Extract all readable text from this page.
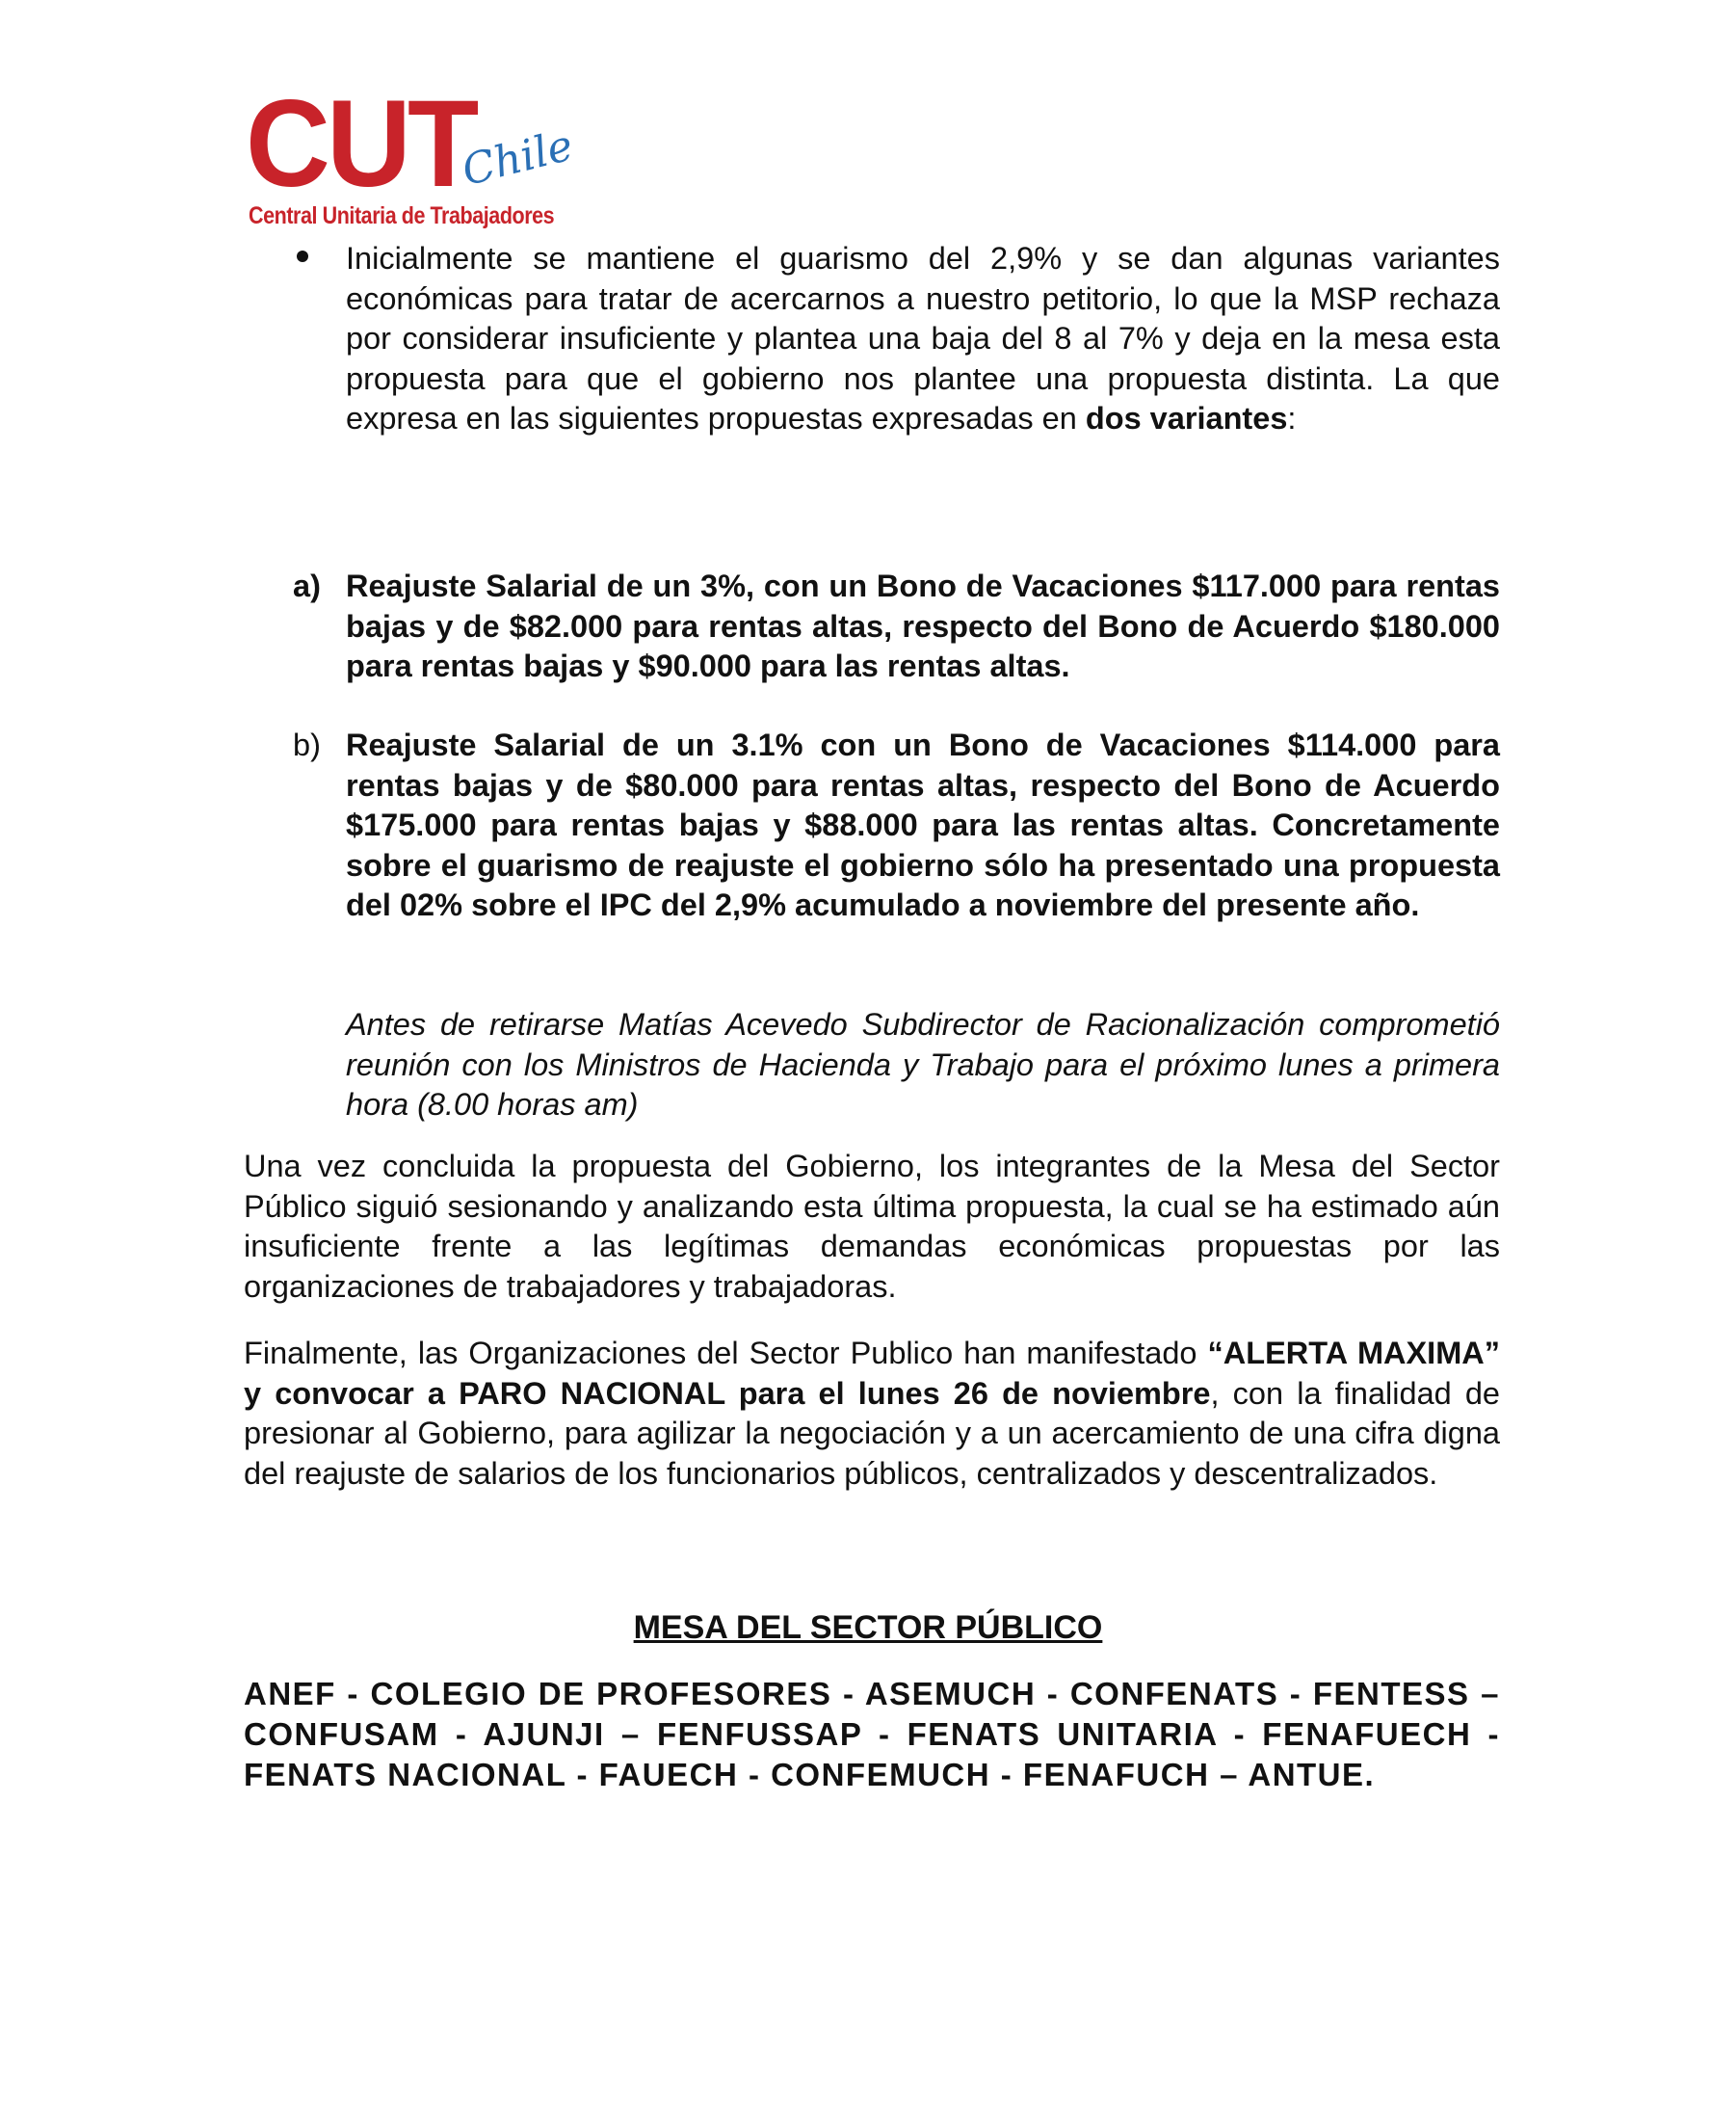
CUT
Chile
Central Unitaria de Trabajadores

Inicialmente se mantiene el guarismo del 2,9% y se dan algunas variantes económicas para tratar de acercarnos a nuestro petitorio, lo que la MSP rechaza por considerar insuficiente y plantea una baja del 8 al 7% y deja en la mesa esta propuesta para que el gobierno nos plantee una propuesta distinta. La que expresa en las siguientes propuestas expresadas en dos variantes:

a) Reajuste Salarial de un 3%, con un Bono de Vacaciones $117.000 para rentas bajas y de $82.000 para rentas altas, respecto del Bono de Acuerdo $180.000 para rentas bajas y $90.000 para las rentas altas.

b) Reajuste Salarial de un 3.1% con un Bono de Vacaciones $114.000 para rentas bajas y de $80.000 para rentas altas, respecto del Bono de Acuerdo $175.000 para rentas bajas y $88.000 para las rentas altas. Concretamente sobre el guarismo de reajuste el gobierno sólo ha presentado una propuesta del 02% sobre el IPC del 2,9% acumulado a noviembre del presente año.

Antes de retirarse Matías Acevedo Subdirector de Racionalización comprometió reunión con los Ministros de Hacienda y Trabajo para el próximo lunes a primera hora (8.00 horas am)

Una vez concluida la propuesta del Gobierno, los integrantes de la Mesa del Sector Público siguió sesionando y analizando esta última propuesta, la cual se ha estimado aún insuficiente frente a las legítimas demandas económicas propuestas por las organizaciones de trabajadores y trabajadoras.

Finalmente, las Organizaciones del Sector Publico han manifestado “ALERTA MAXIMA” y convocar a PARO NACIONAL para el lunes 26 de noviembre, con la finalidad de presionar al Gobierno, para agilizar la negociación y a un acercamiento de una cifra digna del reajuste de salarios de los funcionarios públicos, centralizados y descentralizados.

MESA DEL SECTOR PÚBLICO
ANEF - COLEGIO DE PROFESORES - ASEMUCH - CONFENATS - FENTESS – CONFUSAM - AJUNJI – FENFUSSAP - FENATS UNITARIA - FENAFUECH - FENATS NACIONAL - FAUECH - CONFEMUCH - FENAFUCH – ANTUE.
